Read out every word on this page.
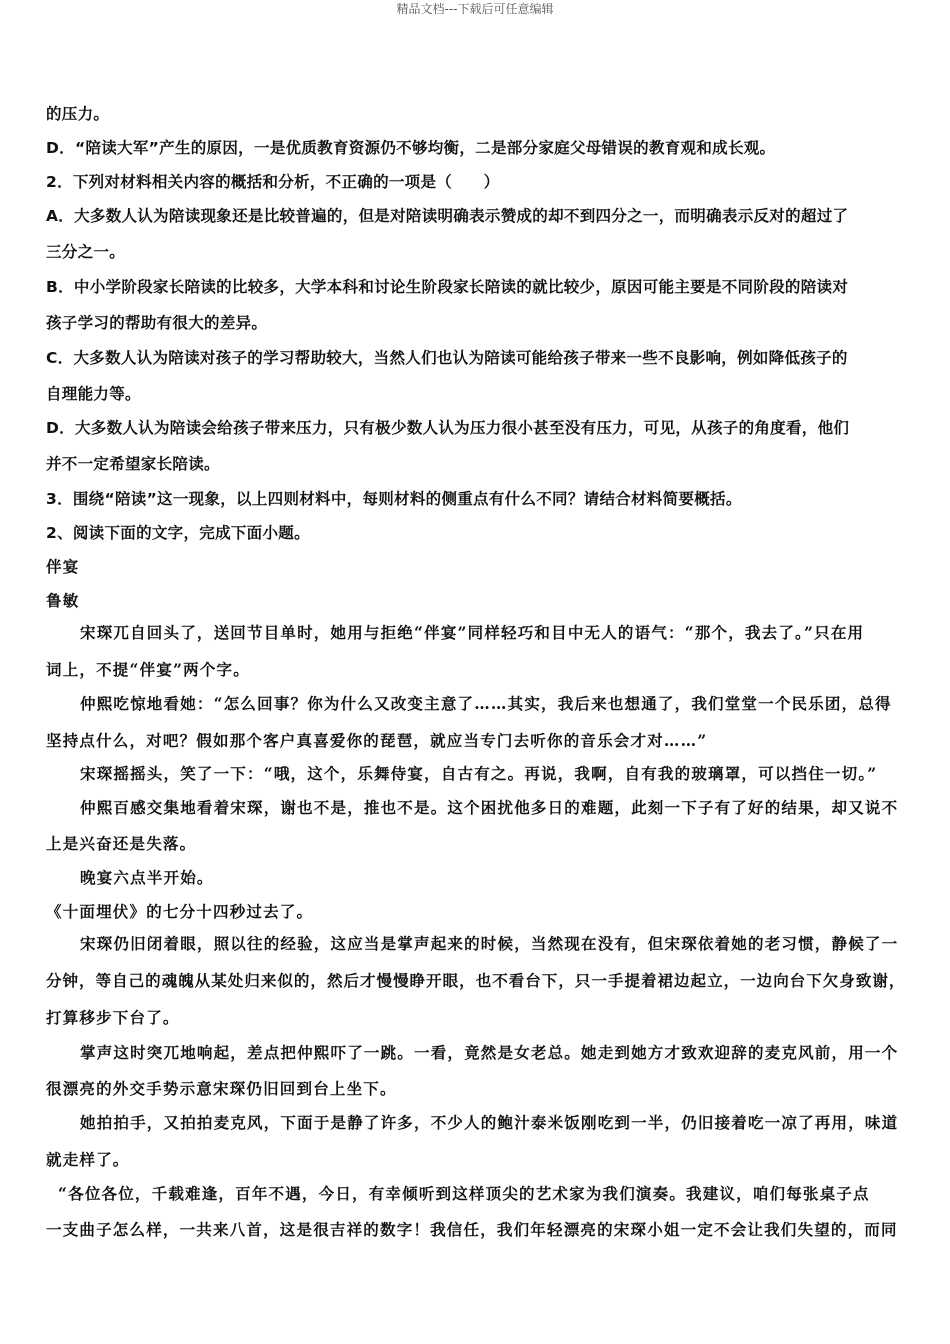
精品文档---下载后可任意编辑
的压力。
D．“陪读大军”产生的原因，一是优质教育资源仍不够均衡，二是部分家庭父母错误的教育观和成长观。
2．下列对材料相关内容的概括和分析，不正确的一项是（　　）
A．大多数人认为陪读现象还是比较普遍的，但是对陪读明确表示赞成的却不到四分之一，而明确表示反对的超过了
三分之一。
B．中小学阶段家长陪读的比较多，大学本科和讨论生阶段家长陪读的就比较少，原因可能主要是不同阶段的陪读对
孩子学习的帮助有很大的差异。
C．大多数人认为陪读对孩子的学习帮助较大，当然人们也认为陪读可能给孩子带来一些不良影响，例如降低孩子的
自理能力等。
D．大多数人认为陪读会给孩子带来压力，只有极少数人认为压力很小甚至没有压力，可见，从孩子的角度看，他们
并不一定希望家长陪读。
3．围绕“陪读”这一现象，以上四则材料中，每则材料的侧重点有什么不同？请结合材料简要概括。
2、阅读下面的文字，完成下面小题。
伴宴
鲁敏
宋琛兀自回头了，送回节目单时，她用与拒绝“伴宴”同样轻巧和目中无人的语气：“那个，我去了。”只在用
词上，不提“伴宴”两个字。
仲熙吃惊地看她：“怎么回事？你为什么又改变主意了……其实，我后来也想通了，我们堂堂一个民乐团，总得
坚持点什么，对吧？假如那个客户真喜爱你的琵琶，就应当专门去听你的音乐会才对……”
宋琛摇摇头，笑了一下：“哦，这个，乐舞侍宴，自古有之。再说，我啊，自有我的玻璃罩，可以挡住一切。”
仲熙百感交集地看着宋琛，谢也不是，推也不是。这个困扰他多日的难题，此刻一下子有了好的结果，却又说不
上是兴奋还是失落。
晚宴六点半开始。
《十面埋伏》的七分十四秒过去了。
宋琛仍旧闭着眼，照以往的经验，这应当是掌声起来的时候，当然现在没有，但宋琛依着她的老习惯，静候了一
分钟，等自己的魂魄从某处归来似的，然后才慢慢睁开眼，也不看台下，只一手提着裙边起立，一边向台下欠身致谢，
打算移步下台了。
掌声这时突兀地响起，差点把仲熙吓了一跳。一看，竟然是女老总。她走到她方才致欢迎辞的麦克风前，用一个
很漂亮的外交手势示意宋琛仍旧回到台上坐下。
她拍拍手，又拍拍麦克风，下面于是静了许多，不少人的鲍汁泰米饭刚吃到一半，仍旧接着吃一凉了再用，味道
就走样了。
“各位各位，千载难逢，百年不遇，今日，有幸倾听到这样顶尖的艺术家为我们演奏。我建议，咱们每张桌子点
一支曲子怎么样，一共来八首，这是很吉祥的数字！我信任，我们年轻漂亮的宋琛小姐一定不会让我们失望的，而同
